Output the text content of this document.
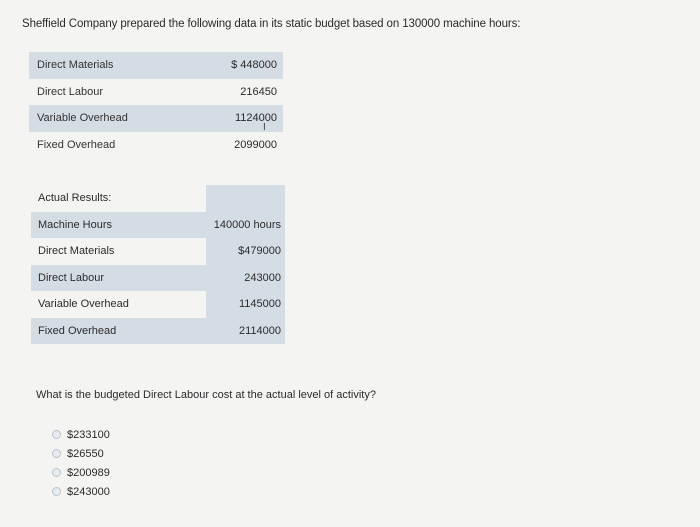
Sheffield Company prepared the following data in its static budget based on 130000 machine hours:
Direct Materials	$ 448000
Direct Labour	216450
Variable Overhead	1124000
Fixed Overhead	2099000
I
Actual Results:
Machine Hours	140000 hours
Direct Materials	$479000
Direct Labour	243000
Variable Overhead	1145000
Fixed Overhead	2114000
What is the budgeted Direct Labour cost at the actual level of activity?
$233100
$26550
$200989
$243000
